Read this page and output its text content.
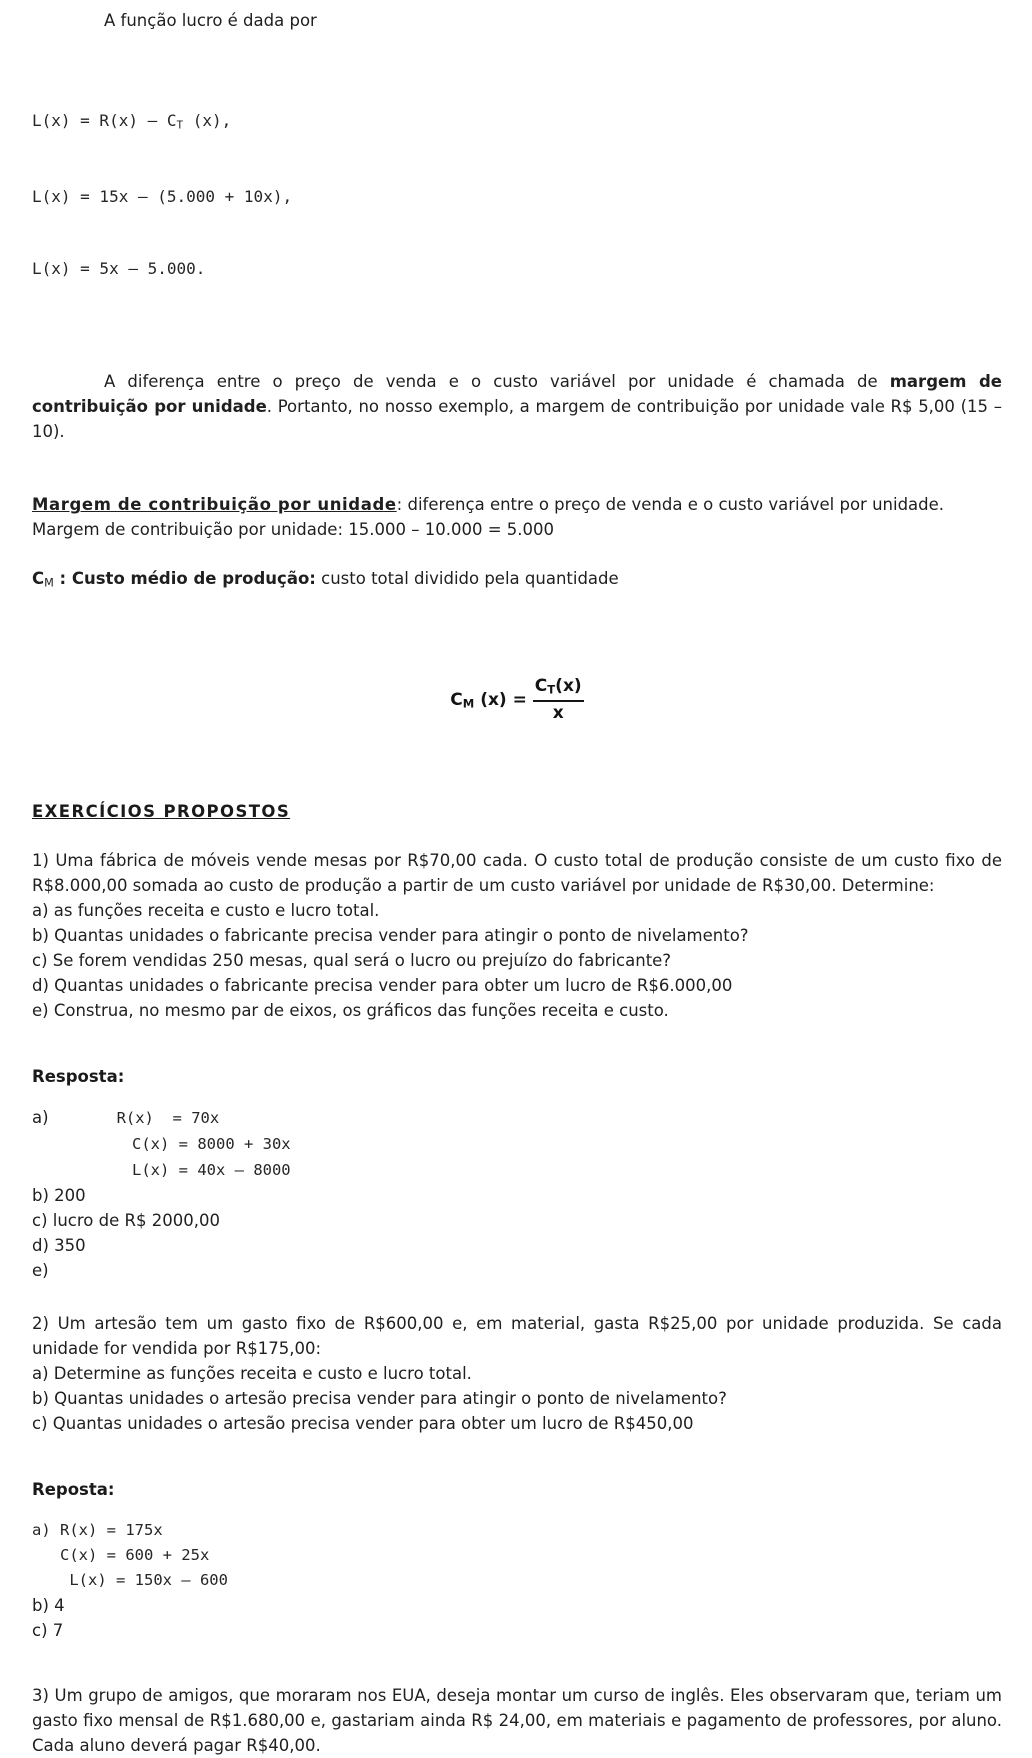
A função lucro é dada por

$L(x) = R(x) - C_T$ (x),

L(x) = 15x – (5.000 + 10x),

L(x) = 5x – 5.000.

A diferença entre o preço de venda e o custo variável por unidade é chamada de margem de contribuição por unidade. Portanto, no nosso exemplo, a margem de contribuição por unidade vale R$ 5,00 (15 – 10).

Margem de contribuição por unidade: diferença entre o preço de venda e o custo variável por unidade.

Margem de contribuição por unidade: 15.000 – 10.000 = 5.000

$C_M$ : Custo médio de produção: custo total dividido pela quantidade

$C_M$ $(x) = \frac{C_T(x)}{x}$

EXERCÍCIOS PROPOSTOS

1) Uma fábrica de móveis vende mesas por R$70,00 cada. O custo total de produção consiste de um custo fixo de R$8.000,00 somada ao custo de produção a partir de um custo variável por unidade de R$30,00. Determine:

a) as funções receita e custo e lucro total.

b) Quantas unidades o fabricante precisa vender para atingir o ponto de nivelamento?

c) Se forem vendidas 250 mesas, qual será o lucro ou prejuízo do fabricante?

d) Quantas unidades o fabricante precisa vender para obter um lucro de R$6.000,00

e) Construa, no mesmo par de eixos, os gráficos das funções receita e custo.

Resposta:

a)	R(x)  = 70x
C(x) = 8000 + 30x
L(x) = 40x – 8000

b) 200

c) lucro de R$ 2000,00

d) 350

e)

2) Um artesão tem um gasto fixo de R$600,00 e, em material, gasta R$25,00 por unidade produzida. Se cada unidade for vendida por R$175,00:

a) Determine as funções receita e custo e lucro total.

b) Quantas unidades o artesão precisa vender para atingir o ponto de nivelamento?

c) Quantas unidades o artesão precisa vender para obter um lucro de R$450,00

Reposta:

a) R(x) = 175x
C(x) = 600 + 25x
L(x) = 150x – 600

b) 4

c) 7

3) Um grupo de amigos, que moraram nos EUA, deseja montar um curso de inglês. Eles observaram que, teriam um gasto fixo mensal de R$1.680,00 e, gastariam ainda R$ 24,00, em materiais e pagamento de professores, por aluno. Cada aluno deverá pagar R$40,00.
